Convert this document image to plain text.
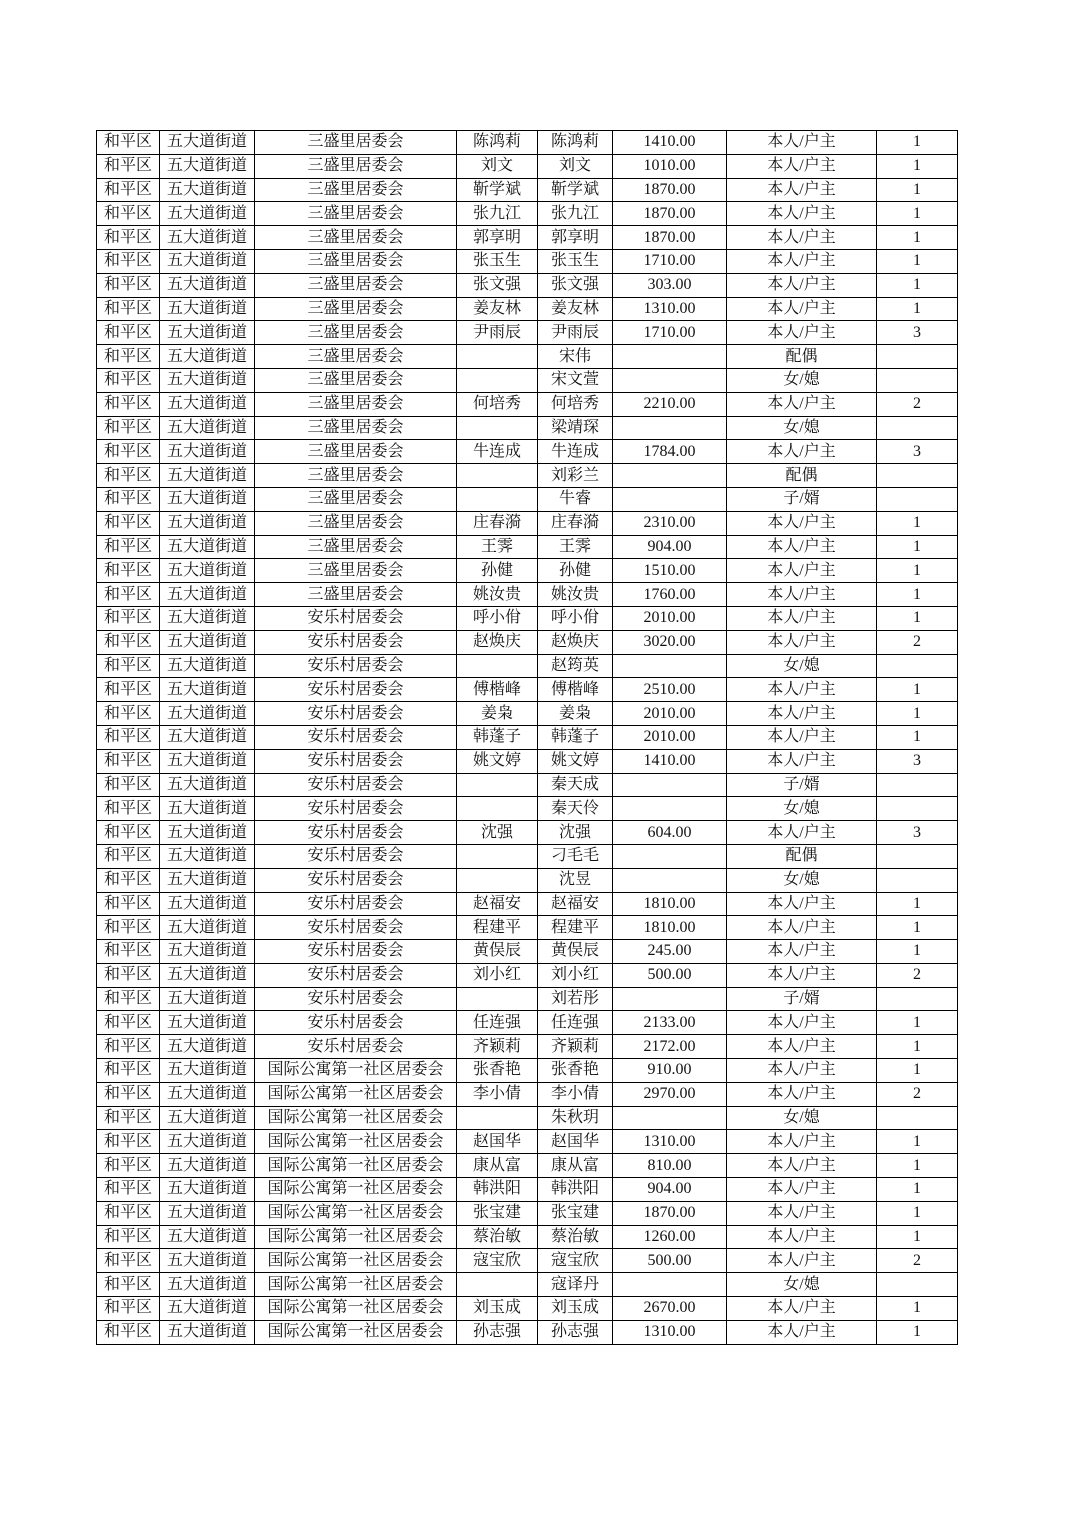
和平区	五大道街道	三盛里居委会	陈鸿莉	陈鸿莉	1410.00	本人/户主	1
和平区	五大道街道	三盛里居委会	刘文	刘文	1010.00	本人/户主	1
和平区	五大道街道	三盛里居委会	靳学斌	靳学斌	1870.00	本人/户主	1
和平区	五大道街道	三盛里居委会	张九江	张九江	1870.00	本人/户主	1
和平区	五大道街道	三盛里居委会	郭享明	郭享明	1870.00	本人/户主	1
和平区	五大道街道	三盛里居委会	张玉生	张玉生	1710.00	本人/户主	1
和平区	五大道街道	三盛里居委会	张文强	张文强	303.00	本人/户主	1
和平区	五大道街道	三盛里居委会	姜友林	姜友林	1310.00	本人/户主	1
和平区	五大道街道	三盛里居委会	尹雨辰	尹雨辰	1710.00	本人/户主	3
和平区	五大道街道	三盛里居委会		宋伟		配偶	
和平区	五大道街道	三盛里居委会		宋文萱		女/媳	
和平区	五大道街道	三盛里居委会	何培秀	何培秀	2210.00	本人/户主	2
和平区	五大道街道	三盛里居委会		梁靖琛		女/媳	
和平区	五大道街道	三盛里居委会	牛连成	牛连成	1784.00	本人/户主	3
和平区	五大道街道	三盛里居委会		刘彩兰		配偶	
和平区	五大道街道	三盛里居委会		牛睿		子/婿	
和平区	五大道街道	三盛里居委会	庄春漪	庄春漪	2310.00	本人/户主	1
和平区	五大道街道	三盛里居委会	王霁	王霁	904.00	本人/户主	1
和平区	五大道街道	三盛里居委会	孙健	孙健	1510.00	本人/户主	1
和平区	五大道街道	三盛里居委会	姚汝贵	姚汝贵	1760.00	本人/户主	1
和平区	五大道街道	安乐村居委会	呼小佾	呼小佾	2010.00	本人/户主	1
和平区	五大道街道	安乐村居委会	赵焕庆	赵焕庆	3020.00	本人/户主	2
和平区	五大道街道	安乐村居委会		赵筠英		女/媳	
和平区	五大道街道	安乐村居委会	傅楷峰	傅楷峰	2510.00	本人/户主	1
和平区	五大道街道	安乐村居委会	姜枭	姜枭	2010.00	本人/户主	1
和平区	五大道街道	安乐村居委会	韩蓬子	韩蓬子	2010.00	本人/户主	1
和平区	五大道街道	安乐村居委会	姚文婷	姚文婷	1410.00	本人/户主	3
和平区	五大道街道	安乐村居委会		秦天成		子/婿	
和平区	五大道街道	安乐村居委会		秦天伶		女/媳	
和平区	五大道街道	安乐村居委会	沈强	沈强	604.00	本人/户主	3
和平区	五大道街道	安乐村居委会		刁毛毛		配偶	
和平区	五大道街道	安乐村居委会		沈昱		女/媳	
和平区	五大道街道	安乐村居委会	赵福安	赵福安	1810.00	本人/户主	1
和平区	五大道街道	安乐村居委会	程建平	程建平	1810.00	本人/户主	1
和平区	五大道街道	安乐村居委会	黄俣辰	黄俣辰	245.00	本人/户主	1
和平区	五大道街道	安乐村居委会	刘小红	刘小红	500.00	本人/户主	2
和平区	五大道街道	安乐村居委会		刘若彤		子/婿	
和平区	五大道街道	安乐村居委会	任连强	任连强	2133.00	本人/户主	1
和平区	五大道街道	安乐村居委会	齐颖莉	齐颖莉	2172.00	本人/户主	1
和平区	五大道街道	国际公寓第一社区居委会	张香艳	张香艳	910.00	本人/户主	1
和平区	五大道街道	国际公寓第一社区居委会	李小倩	李小倩	2970.00	本人/户主	2
和平区	五大道街道	国际公寓第一社区居委会		朱秋玥		女/媳	
和平区	五大道街道	国际公寓第一社区居委会	赵国华	赵国华	1310.00	本人/户主	1
和平区	五大道街道	国际公寓第一社区居委会	康从富	康从富	810.00	本人/户主	1
和平区	五大道街道	国际公寓第一社区居委会	韩洪阳	韩洪阳	904.00	本人/户主	1
和平区	五大道街道	国际公寓第一社区居委会	张宝建	张宝建	1870.00	本人/户主	1
和平区	五大道街道	国际公寓第一社区居委会	蔡治敏	蔡治敏	1260.00	本人/户主	1
和平区	五大道街道	国际公寓第一社区居委会	寇宝欣	寇宝欣	500.00	本人/户主	2
和平区	五大道街道	国际公寓第一社区居委会		寇译丹		女/媳	
和平区	五大道街道	国际公寓第一社区居委会	刘玉成	刘玉成	2670.00	本人/户主	1
和平区	五大道街道	国际公寓第一社区居委会	孙志强	孙志强	1310.00	本人/户主	1
